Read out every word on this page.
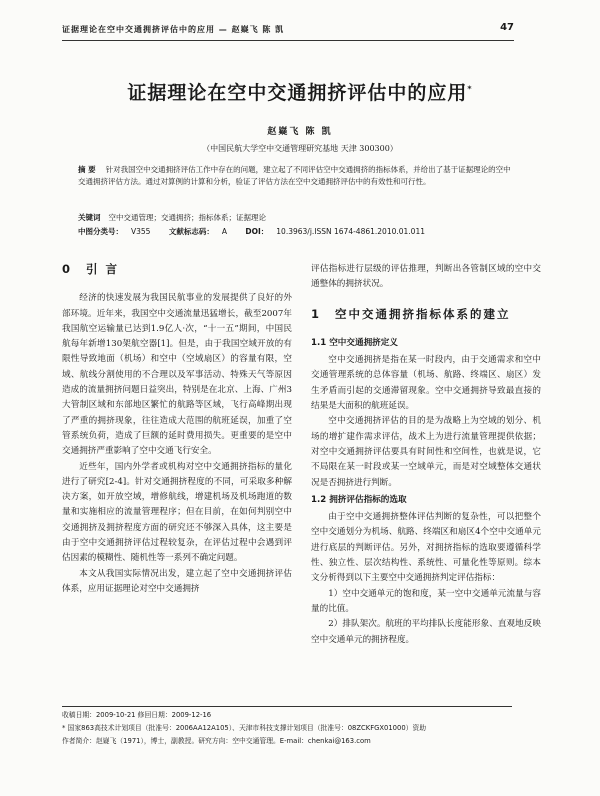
证据理论在空中交通拥挤评估中的应用 — 赵嶷飞 陈 凯	47
证据理论在空中交通拥挤评估中的应用*
赵嶷飞 陈 凯
（中国民航大学空中交通管理研究基地 天津 300300）
摘 要 针对我国空中交通拥挤评估工作中存在的问题，建立起了不同评估空中交通拥挤的指标体系，并给出了基于证据理论的空中交通拥挤评估方法。通过对算例的计算和分析，验证了评估方法在空中交通拥挤评估中的有效性和可行性。
关键词 空中交通管理；交通拥挤；指标体系；证据理论
中图分类号： V355 文献标志码： A DOI： 10.3963/j.ISSN 1674-4861.2010.01.011
0 引 言

经济的快速发展为我国民航事业的发展提供了良好的外部环境。近年来，我国空中交通流量迅猛增长，截至2007年我国航空运输量已达到1.9亿人·次，“十一五”期间，中国民航每年新增130架航空器[1]。但是，由于我国空域开放的有限性导致地面（机场）和空中（空域扇区）的容量有限，空域、航线分割使用的不合理以及军事活动、特殊天气等原因造成的流量拥挤问题日益突出，特别是在北京、上海、广州3大管制区域和东部地区繁忙的航路等区域，飞行高峰期出现了严重的拥挤现象，往往造成大范围的航班延误，加重了空管系统负荷，造成了巨额的延时费用损失。更重要的是空中交通拥挤严重影响了空中交通飞行安全。

近些年，国内外学者或机构对空中交通拥挤指标的量化进行了研究[2-4]。针对交通拥挤程度的不同，可采取多种解决方案，如开放空域，增修航线，增建机场及机场跑道的数量和实施相应的流量管理程序；但在目前，在如何判别空中交通拥挤及拥挤程度方面的研究还不够深入具体，这主要是由于空中交通拥挤评估过程较复杂，在评估过程中会遇到评估因素的模糊性、随机性等一系列不确定问题。

本文从我国实际情况出发，建立起了空中交通拥挤评估体系，应用证据理论对空中交通拥挤

评估指标进行层级的评估推理，判断出各管制区域的空中交通整体的拥挤状况。

1 空中交通拥挤指标体系的建立
1.1 空中交通拥挤定义

空中交通拥挤是指在某一时段内，由于交通需求和空中交通管理系统的总体容量（机场、航路、终端区、扇区）发生矛盾而引起的交通滞留现象。空中交通拥挤导致最直接的结果是大面积的航班延误。

空中交通拥挤评估的目的是为战略上为空域的划分、机场的增扩建作需求评估，战术上为进行流量管理提供依据；对空中交通拥挤评估要具有时间性和空间性，也就是说，它不局限在某一时段或某一空域单元，而是对空域整体交通状况是否拥挤进行判断。

1.2 拥挤评估指标的选取

由于空中交通拥挤整体评估判断的复杂性，可以把整个空中交通划分为机场、航路、终端区和扇区4个空中交通单元进行底层的判断评估。另外，对拥挤指标的选取要遵循科学性、独立性、层次结构性、系统性、可量化性等原则。综本文分析得到以下主要空中交通拥挤判定评估指标：

1）空中交通单元的饱和度，某一空中交通单元流量与容量的比值。

2）排队架次。航班的平均排队长度能形象、直观地反映空中交通单元的拥挤程度。

收稿日期：2009-10-21 修回日期：2009-12-16
* 国家863高技术计划项目（批准号：2006AA12A105）、天津市科技支撑计划项目（批准号：08ZCKFGX01000）资助
作者简介：赵嶷飞（1971），博士，副教授。研究方向：空中交通管理。E-mail：chenkai@163.com
